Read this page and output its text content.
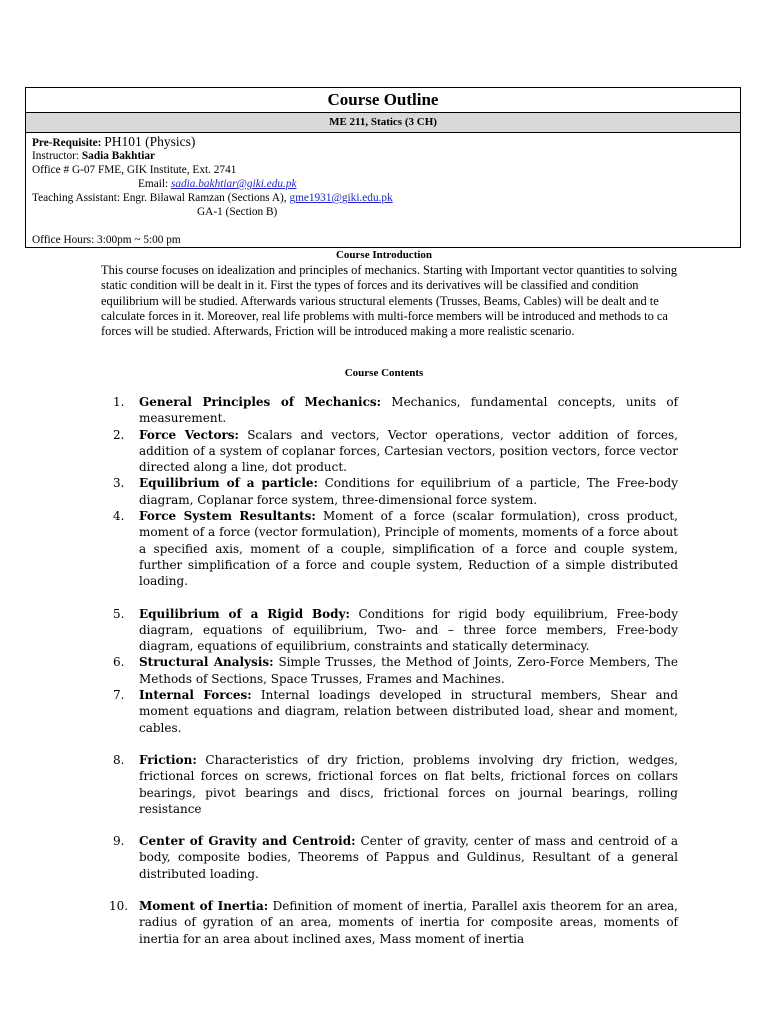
Course Outline
ME 211, Statics (3 CH)
Pre-Requisite: PH101 (Physics)
Instructor: Sadia Bakhtiar
Office # G-07 FME, GIK Institute, Ext. 2741
Email: sadia.bakhtiar@giki.edu.pk
Teaching Assistant: Engr. Bilawal Ramzan (Sections A), gme1931@giki.edu.pk
GA-1 (Section B)
Office Hours: 3:00pm ~ 5:00 pm
Course Introduction
This course focuses on idealization and principles of mechanics. Starting with Important vector quantities to solving
static condition will be dealt in it. First the types of forces and its derivatives will be classified and condition
equilibrium will be studied. Afterwards various structural elements (Trusses, Beams, Cables) will be dealt and te
calculate forces in it. Moreover, real life problems with multi-force members will be introduced and methods to ca
forces will be studied. Afterwards, Friction will be introduced making a more realistic scenario.
Course Contents
1. General Principles of Mechanics: Mechanics, fundamental concepts, units of measurement.
2. Force Vectors: Scalars and vectors, Vector operations, vector addition of forces, addition of a system of coplanar forces, Cartesian vectors, position vectors, force vector directed along a line, dot product.
3. Equilibrium of a particle: Conditions for equilibrium of a particle, The Free-body diagram, Coplanar force system, three-dimensional force system.
4. Force System Resultants: Moment of a force (scalar formulation), cross product, moment of a force (vector formulation), Principle of moments, moments of a force about a specified axis, moment of a couple, simplification of a force and couple system, further simplification of a force and couple system, Reduction of a simple distributed loading.
5. Equilibrium of a Rigid Body: Conditions for rigid body equilibrium, Free-body diagram, equations of equilibrium, Two- and – three force members, Free-body diagram, equations of equilibrium, constraints and statically determinacy.
6. Structural Analysis: Simple Trusses, the Method of Joints, Zero-Force Members, The Methods of Sections, Space Trusses, Frames and Machines.
7. Internal Forces: Internal loadings developed in structural members, Shear and moment equations and diagram, relation between distributed load, shear and moment, cables.
8. Friction: Characteristics of dry friction, problems involving dry friction, wedges, frictional forces on screws, frictional forces on flat belts, frictional forces on collars bearings, pivot bearings and discs, frictional forces on journal bearings, rolling resistance
9. Center of Gravity and Centroid: Center of gravity, center of mass and centroid of a body, composite bodies, Theorems of Pappus and Guldinus, Resultant of a general distributed loading.
10. Moment of Inertia: Definition of moment of inertia, Parallel axis theorem for an area, radius of gyration of an area, moments of inertia for composite areas, moments of inertia for an area about inclined axes, Mass moment of inertia
